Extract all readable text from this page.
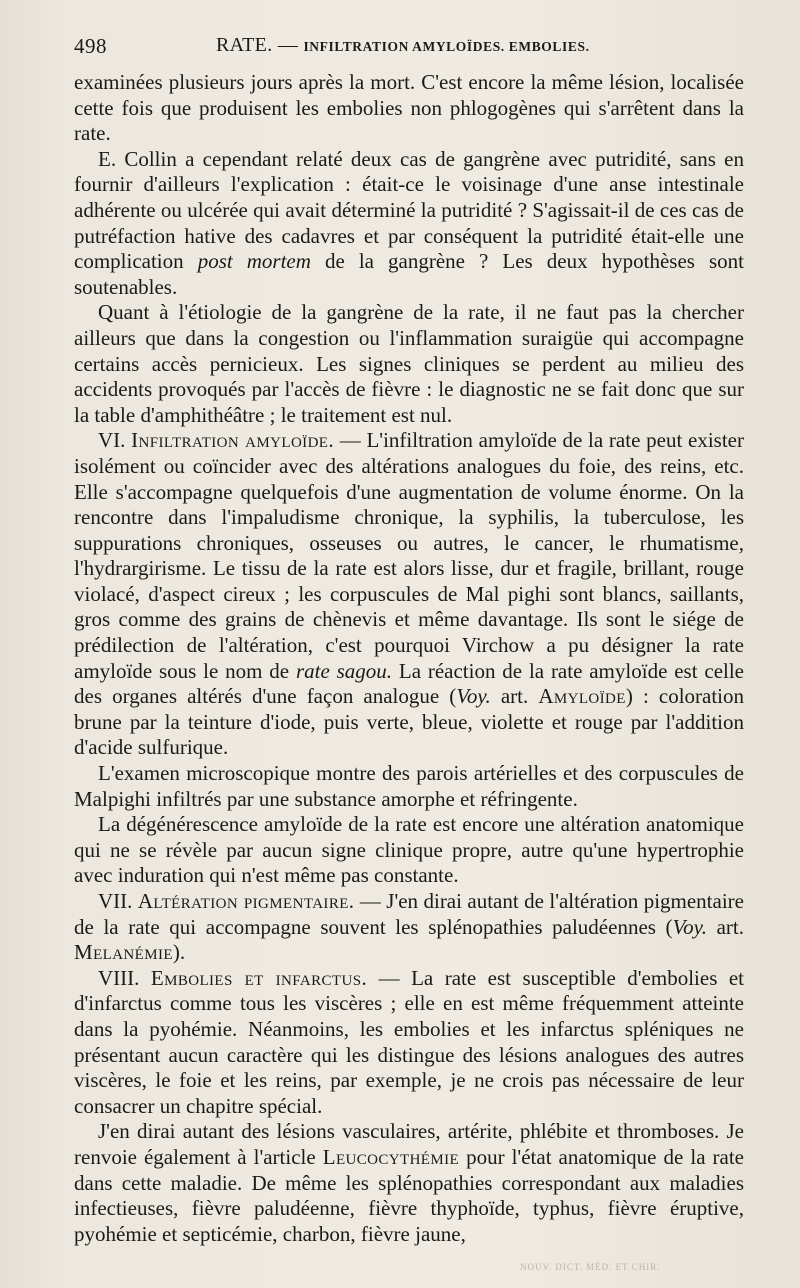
498	RATE. — INFILTRATION AMYLOÏDES. EMBOLIES.

examinées plusieurs jours après la mort. C'est encore la même lésion, localisée cette fois que produisent les embolies non phlogogènes qui s'arrêtent dans la rate.

E. Collin a cependant relaté deux cas de gangrène avec putridité, sans en fournir d'ailleurs l'explication : était-ce le voisinage d'une anse intestinale adhérente ou ulcérée qui avait déterminé la putridité ? S'agissait-il de ces cas de putréfaction hative des cadavres et par conséquent la putridité était-elle une complication post mortem de la gangrène ? Les deux hypothèses sont soutenables.

Quant à l'étiologie de la gangrène de la rate, il ne faut pas la chercher ailleurs que dans la congestion ou l'inflammation suraigüe qui accompagne certains accès pernicieux. Les signes cliniques se perdent au milieu des accidents provoqués par l'accès de fièvre : le diagnostic ne se fait donc que sur la table d'amphithéâtre ; le traitement est nul.

VI. Infiltration amyloïde. — L'infiltration amyloïde de la rate peut exister isolément ou coïncider avec des altérations analogues du foie, des reins, etc. Elle s'accompagne quelquefois d'une augmentation de volume énorme. On la rencontre dans l'impaludisme chronique, la syphilis, la tuberculose, les suppurations chroniques, osseuses ou autres, le cancer, le rhumatisme, l'hydrargirisme. Le tissu de la rate est alors lisse, dur et fragile, brillant, rouge violacé, d'aspect cireux ; les corpuscules de Mal pighi sont blancs, saillants, gros comme des grains de chènevis et même davantage. Ils sont le siége de prédilection de l'altération, c'est pourquoi Virchow a pu désigner la rate amyloïde sous le nom de rate sagou. La réaction de la rate amyloïde est celle des organes altérés d'une façon analogue (Voy. art. Amyloïde) : coloration brune par la teinture d'iode, puis verte, bleue, violette et rouge par l'addition d'acide sulfurique.

L'examen microscopique montre des parois artérielles et des corpuscules de Malpighi infiltrés par une substance amorphe et réfringente.

La dégénérescence amyloïde de la rate est encore une altération anatomique qui ne se révèle par aucun signe clinique propre, autre qu'une hypertrophie avec induration qui n'est même pas constante.

VII. Altération pigmentaire. — J'en dirai autant de l'altération pigmentaire de la rate qui accompagne souvent les splénopathies paludéennes (Voy. art. Melanémie).

VIII. Embolies et infarctus. — La rate est susceptible d'embolies et d'infarctus comme tous les viscères ; elle en est même fréquemment atteinte dans la pyohémie. Néanmoins, les embolies et les infarctus spléniques ne présentant aucun caractère qui les distingue des lésions analogues des autres viscères, le foie et les reins, par exemple, je ne crois pas nécessaire de leur consacrer un chapitre spécial.

J'en dirai autant des lésions vasculaires, artérite, phlébite et thromboses. Je renvoie également à l'article Leucocythémie pour l'état anatomique de la rate dans cette maladie. De même les splénopathies correspondant aux maladies infectieuses, fièvre paludéenne, fièvre thyphoïde, typhus, fièvre éruptive, pyohémie et septicémie, charbon, fièvre jaune,

NOUV. DICT. MÉD. ET CHIR.
